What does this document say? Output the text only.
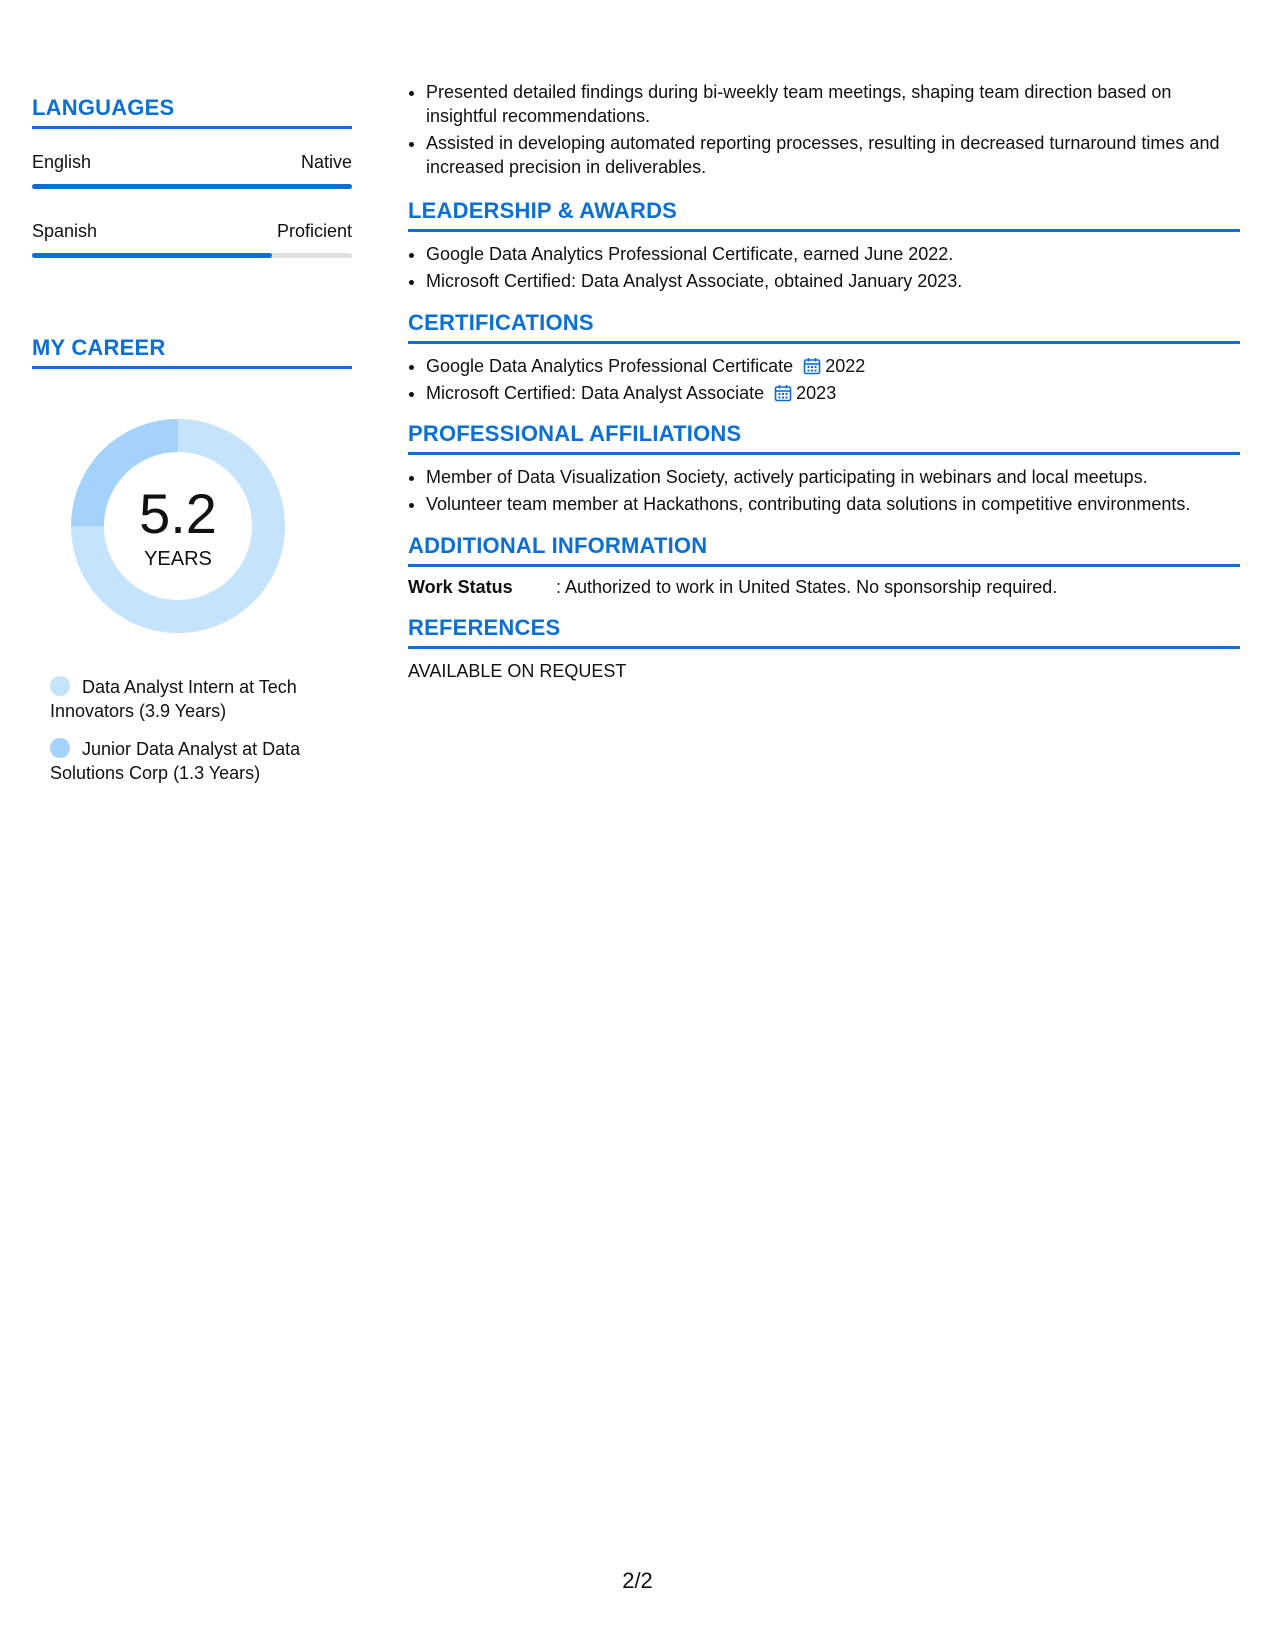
LANGUAGES
English	Native
Spanish	Proficient
MY CAREER
5.2
YEARS
Data Analyst Intern at Tech Innovators (3.9 Years)
Junior Data Analyst at Data Solutions Corp (1.3 Years)
• Presented detailed findings during bi-weekly team meetings, shaping team direction based on insightful recommendations.
• Assisted in developing automated reporting processes, resulting in decreased turnaround times and increased precision in deliverables.
LEADERSHIP & AWARDS
• Google Data Analytics Professional Certificate, earned June 2022.
• Microsoft Certified: Data Analyst Associate, obtained January 2023.
CERTIFICATIONS
• Google Data Analytics Professional Certificate 2022
• Microsoft Certified: Data Analyst Associate 2023
PROFESSIONAL AFFILIATIONS
• Member of Data Visualization Society, actively participating in webinars and local meetups.
• Volunteer team member at Hackathons, contributing data solutions in competitive environments.
ADDITIONAL INFORMATION
Work Status : Authorized to work in United States. No sponsorship required.
REFERENCES
AVAILABLE ON REQUEST
2/2
